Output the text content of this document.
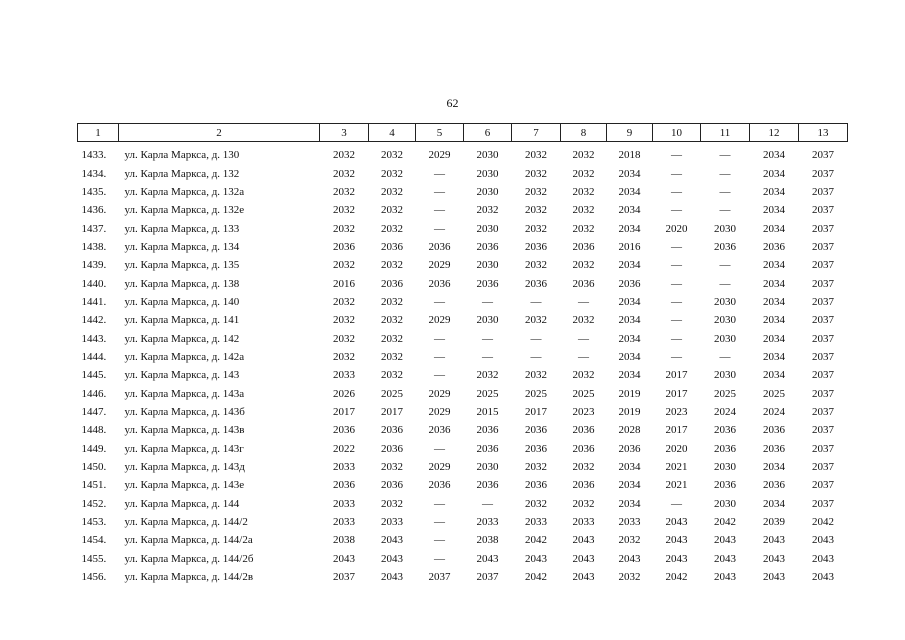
62
1	2	3	4	5	6	7	8	9	10	11	12	13
1433.	ул. Карла Маркса, д. 130	2032	2032	2029	2030	2032	2032	2018	—	—	2034	2037
1434.	ул. Карла Маркса, д. 132	2032	2032	—	2030	2032	2032	2034	—	—	2034	2037
1435.	ул. Карла Маркса, д. 132а	2032	2032	—	2030	2032	2032	2034	—	—	2034	2037
1436.	ул. Карла Маркса, д. 132е	2032	2032	—	2032	2032	2032	2034	—	—	2034	2037
1437.	ул. Карла Маркса, д. 133	2032	2032	—	2030	2032	2032	2034	2020	2030	2034	2037
1438.	ул. Карла Маркса, д. 134	2036	2036	2036	2036	2036	2036	2016	—	2036	2036	2037
1439.	ул. Карла Маркса, д. 135	2032	2032	2029	2030	2032	2032	2034	—	—	2034	2037
1440.	ул. Карла Маркса, д. 138	2016	2036	2036	2036	2036	2036	2036	—	—	2034	2037
1441.	ул. Карла Маркса, д. 140	2032	2032	—	—	—	—	2034	—	2030	2034	2037
1442.	ул. Карла Маркса, д. 141	2032	2032	2029	2030	2032	2032	2034	—	2030	2034	2037
1443.	ул. Карла Маркса, д. 142	2032	2032	—	—	—	—	2034	—	2030	2034	2037
1444.	ул. Карла Маркса, д. 142а	2032	2032	—	—	—	—	2034	—	—	2034	2037
1445.	ул. Карла Маркса, д. 143	2033	2032	—	2032	2032	2032	2034	2017	2030	2034	2037
1446.	ул. Карла Маркса, д. 143а	2026	2025	2029	2025	2025	2025	2019	2017	2025	2025	2037
1447.	ул. Карла Маркса, д. 143б	2017	2017	2029	2015	2017	2023	2019	2023	2024	2024	2037
1448.	ул. Карла Маркса, д. 143в	2036	2036	2036	2036	2036	2036	2028	2017	2036	2036	2037
1449.	ул. Карла Маркса, д. 143г	2022	2036	—	2036	2036	2036	2036	2020	2036	2036	2037
1450.	ул. Карла Маркса, д. 143д	2033	2032	2029	2030	2032	2032	2034	2021	2030	2034	2037
1451.	ул. Карла Маркса, д. 143е	2036	2036	2036	2036	2036	2036	2034	2021	2036	2036	2037
1452.	ул. Карла Маркса, д. 144	2033	2032	—	—	2032	2032	2034	—	2030	2034	2037
1453.	ул. Карла Маркса, д. 144/2	2033	2033	—	2033	2033	2033	2033	2043	2042	2039	2042
1454.	ул. Карла Маркса, д. 144/2а	2038	2043	—	2038	2042	2043	2032	2043	2043	2043	2043
1455.	ул. Карла Маркса, д. 144/2б	2043	2043	—	2043	2043	2043	2043	2043	2043	2043	2043
1456.	ул. Карла Маркса, д. 144/2в	2037	2043	2037	2037	2042	2043	2032	2042	2043	2043	2043
